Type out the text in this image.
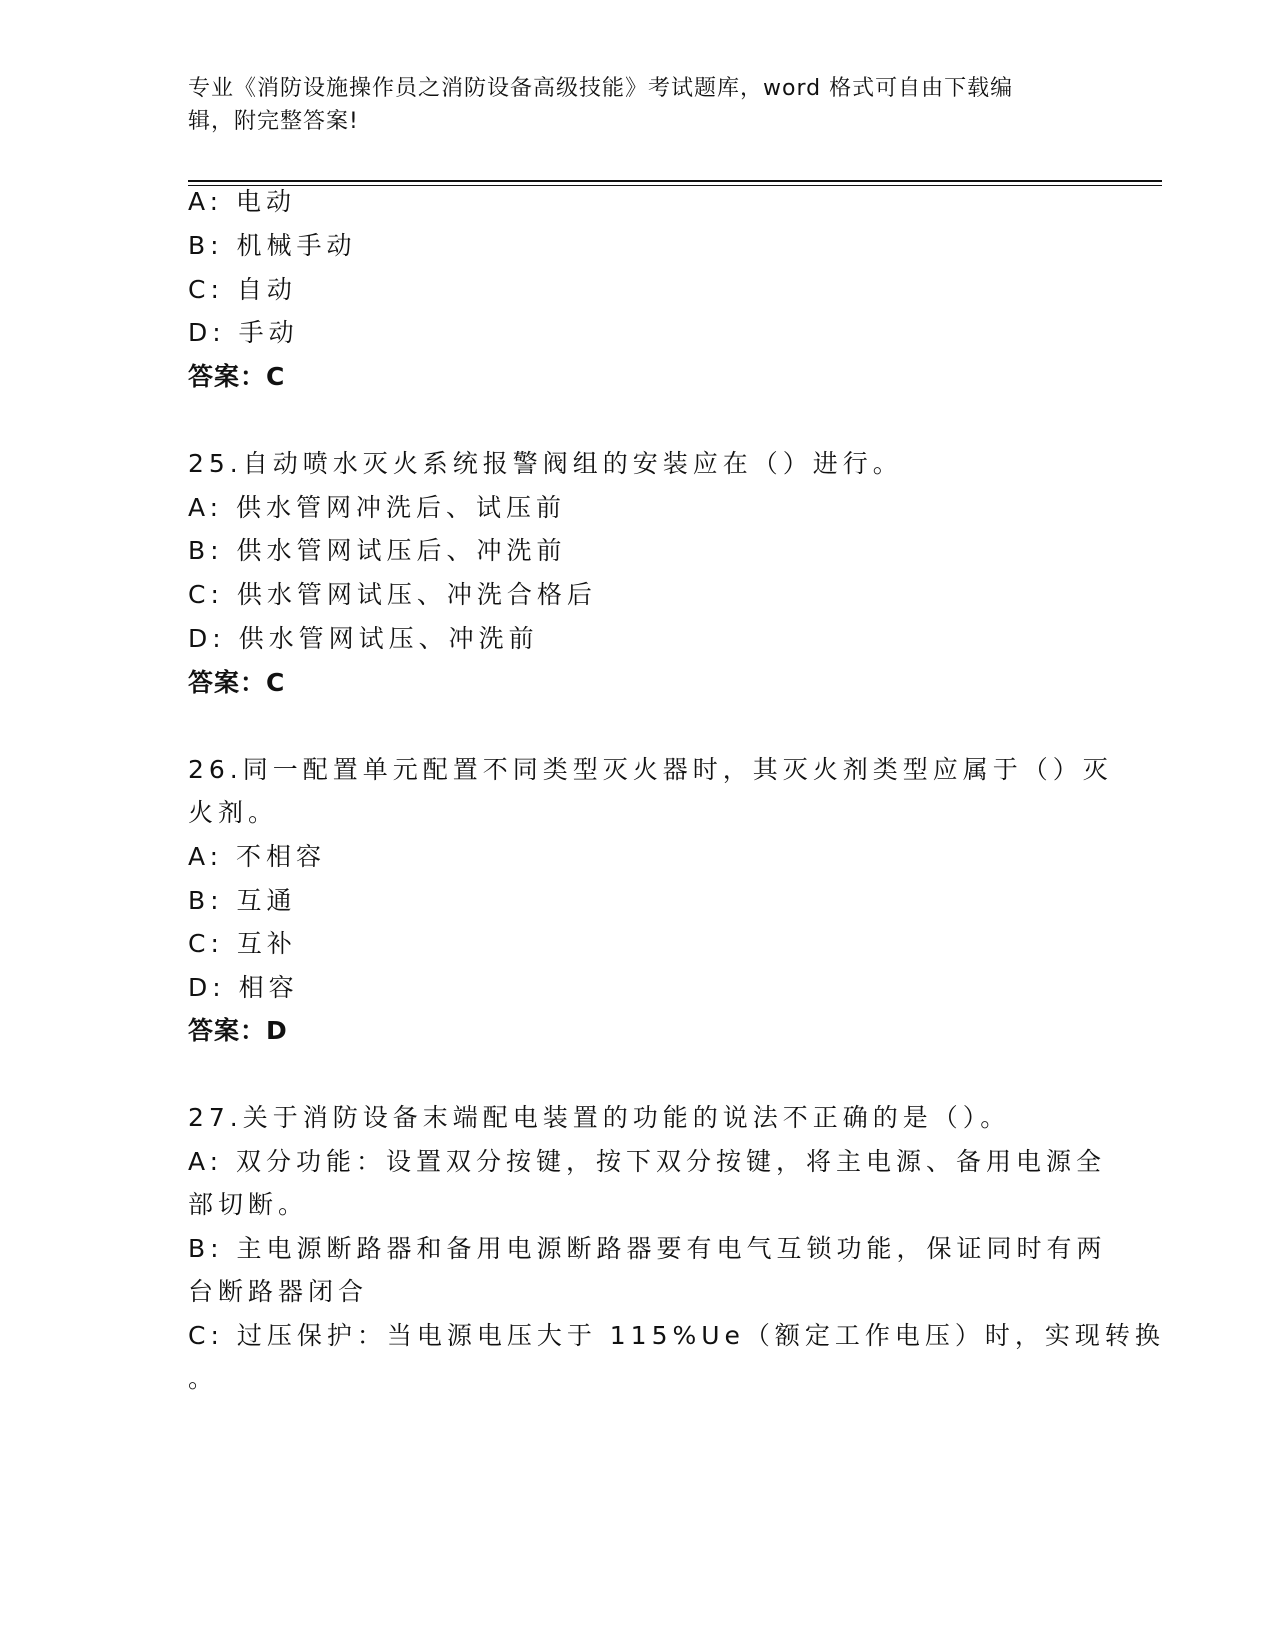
专业《消防设施操作员之消防设备高级技能》考试题库，word 格式可自由下载编
辑，附完整答案!
A: 电动
B: 机械手动
C: 自动
D: 手动
答案：C
25.自动喷水灭火系统报警阀组的安装应在（）进行。
A: 供水管网冲洗后、试压前
B: 供水管网试压后、冲洗前
C: 供水管网试压、冲洗合格后
D: 供水管网试压、冲洗前
答案：C
26.同一配置单元配置不同类型灭火器时，其灭火剂类型应属于（）灭
火剂。
A: 不相容
B: 互通
C: 互补
D: 相容
答案：D
27.关于消防设备末端配电装置的功能的说法不正确的是（）。
A: 双分功能：设置双分按键，按下双分按键，将主电源、备用电源全
部切断。
B: 主电源断路器和备用电源断路器要有电气互锁功能，保证同时有两
台断路器闭合
C: 过压保护：当电源电压大于 115%Ue（额定工作电压）时，实现转换
。
